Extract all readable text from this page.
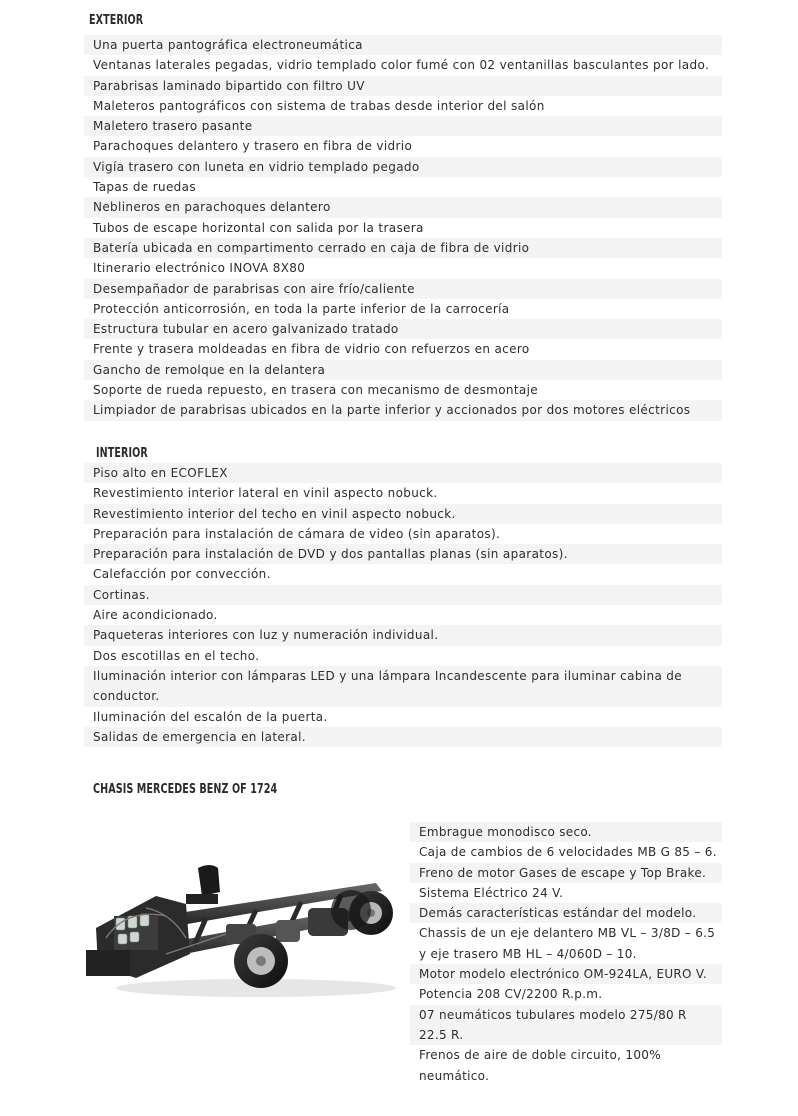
EXTERIOR
Una puerta pantográfica electroneumática
Ventanas laterales pegadas, vidrio templado color fumé con 02 ventanillas basculantes por lado.
Parabrisas laminado bipartido con filtro UV
Maleteros pantográficos con sistema de trabas desde interior del salón
Maletero trasero pasante
Parachoques delantero y trasero en fibra de vidrio
Vigía trasero con luneta en vidrio templado pegado
Tapas de ruedas
Neblineros en parachoques delantero
Tubos de escape horizontal con salida por la trasera
Batería ubicada en compartimento cerrado en caja de fibra de vidrio
Itinerario electrónico INOVA 8X80
Desempañador de parabrisas con aire frío/caliente
Protección anticorrosión, en toda la parte inferior de la carrocería
Estructura tubular en acero galvanizado tratado
Frente y trasera moldeadas en fibra de vidrio con refuerzos en acero
Gancho de remolque en la delantera
Soporte de rueda repuesto, en trasera con mecanismo de desmontaje
Limpiador de parabrisas ubicados en la parte inferior y accionados por dos motores eléctricos
INTERIOR
Piso alto en ECOFLEX
Revestimiento interior lateral en vinil aspecto nobuck.
Revestimiento interior del techo en vinil aspecto nobuck.
Preparación para instalación de cámara de video (sin aparatos).
Preparación para instalación de DVD y dos pantallas planas (sin aparatos).
Calefacción por convección.
Cortinas.
Aire acondicionado.
Paqueteras interiores con luz y numeración individual.
Dos escotillas en el techo.
Iluminación interior con lámparas LED y una lámpara Incandescente para iluminar cabina de conductor.
Iluminación del escalón de la puerta.
Salidas de emergencia en lateral.
CHASIS MERCEDES BENZ OF 1724
Embrague monodisco seco.
Caja de cambios de 6 velocidades MB G 85 – 6.
Freno de motor Gases de escape y Top Brake.
Sistema Eléctrico 24 V.
Demás características estándar del modelo.
Chassis de un eje delantero MB VL – 3/8D – 6.5 y eje trasero MB HL – 4/060D – 10.
Motor modelo electrónico OM-924LA, EURO V.
Potencia 208 CV/2200 R.p.m.
07 neumáticos tubulares modelo 275/80 R 22.5 R.
Frenos de aire de doble circuito, 100% neumático.
